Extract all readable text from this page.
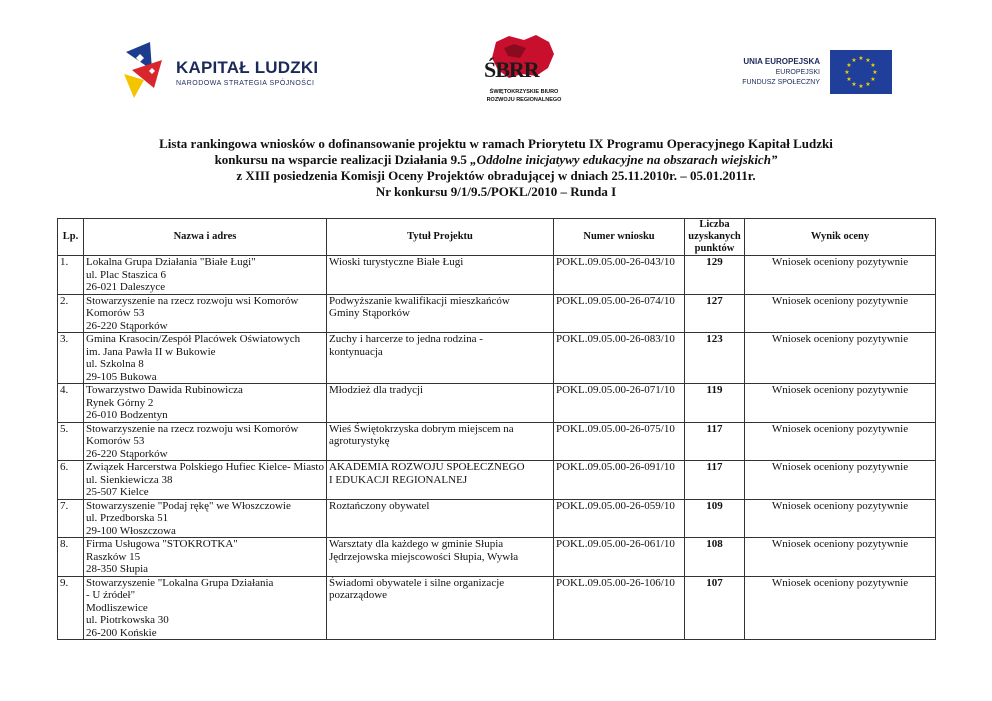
KAPITAŁ LUDZKI
NARODOWA STRATEGIA SPÓJNOŚCI
ŚBRR
ŚWIĘTOKRZYSKIE BIURO
ROZWOJU REGIONALNEGO
UNIA EUROPEJSKA
EUROPEJSKI
FUNDUSZ SPOŁECZNY
★ ★
★
★
★
★
★
★
★
★
★
★
Lista rankingowa wniosków o dofinansowanie projektu w ramach Priorytetu IX Programu Operacyjnego Kapitał Ludzki
konkursu na wsparcie realizacji Działania 9.5 „Oddolne inicjatywy edukacyjne na obszarach wiejskich”
z XIII posiedzenia Komisji Oceny Projektów obradującej w dniach 25.11.2010r. – 05.01.2011r.
Nr konkursu 9/1/9.5/POKL/2010 – Runda I
Lp.	Nazwa i adres	Tytuł Projektu	Numer wniosku	Liczba
uzyskanych
punktów	Wynik oceny
1.	Lokalna Grupa Działania "Białe Ługi"
ul. Plac Staszica 6
26-021 Daleszyce	Wioski turystyczne Białe Ługi	POKL.09.05.00-26-043/10	129	Wniosek oceniony pozytywnie
2.	Stowarzyszenie na rzecz rozwoju wsi Komorów
Komorów 53
26-220 Stąporków	Podwyższanie kwalifikacji mieszkańców
Gminy Stąporków	POKL.09.05.00-26-074/10	127	Wniosek oceniony pozytywnie
3.	Gmina Krasocin/Zespół Placówek Oświatowych
im. Jana Pawła II w Bukowie
ul. Szkolna 8
29-105 Bukowa	Zuchy i harcerze to jedna rodzina -
kontynuacja	POKL.09.05.00-26-083/10	123	Wniosek oceniony pozytywnie
4.	Towarzystwo Dawida Rubinowicza
Rynek Górny 2
26-010 Bodzentyn	Młodzież dla tradycji	POKL.09.05.00-26-071/10	119	Wniosek oceniony pozytywnie
5.	Stowarzyszenie na rzecz rozwoju wsi Komorów
Komorów 53
26-220 Stąporków	Wieś Świętokrzyska dobrym miejscem na
agroturystykę	POKL.09.05.00-26-075/10	117	Wniosek oceniony pozytywnie
6.	Związek Harcerstwa Polskiego Hufiec Kielce- Miasto
ul. Sienkiewicza 38
25-507 Kielce	AKADEMIA ROZWOJU SPOŁECZNEGO
I EDUKACJI REGIONALNEJ	POKL.09.05.00-26-091/10	117	Wniosek oceniony pozytywnie
7.	Stowarzyszenie "Podaj rękę" we Włoszczowie
ul. Przedborska 51
29-100 Włoszczowa	Roztańczony obywatel	POKL.09.05.00-26-059/10	109	Wniosek oceniony pozytywnie
8.	Firma Usługowa "STOKROTKA"
Raszków 15
28-350 Słupia	Warsztaty dla każdego w gminie Słupia
Jędrzejowska miejscowości Słupia, Wywła	POKL.09.05.00-26-061/10	108	Wniosek oceniony pozytywnie
9.	Stowarzyszenie "Lokalna Grupa Działania
- U źródeł"
Modliszewice
ul. Piotrkowska 30
26-200 Końskie	Świadomi obywatele i silne organizacje
pozarządowe	POKL.09.05.00-26-106/10	107	Wniosek oceniony pozytywnie
